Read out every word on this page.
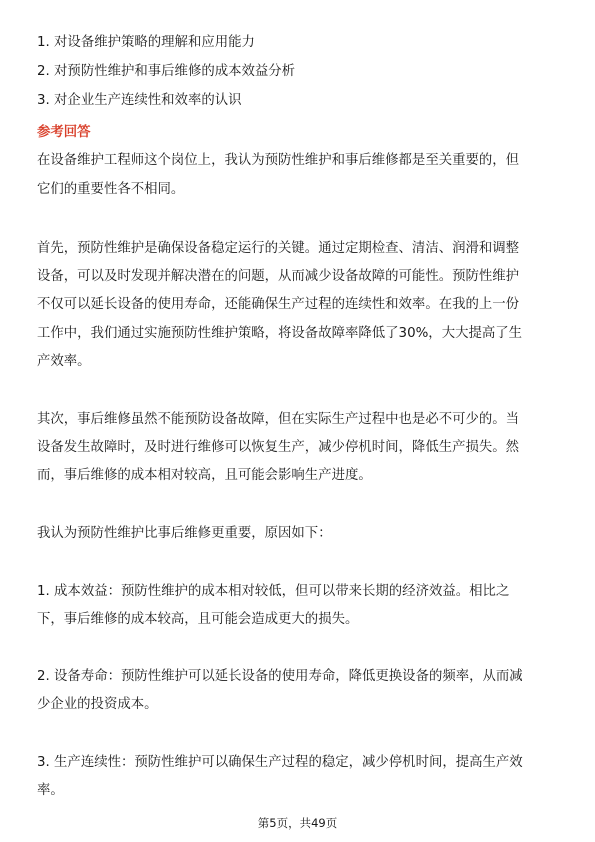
1. 对设备维护策略的理解和应用能力
2. 对预防性维护和事后维修的成本效益分析
3. 对企业生产连续性和效率的认识
参考回答
在设备维护工程师这个岗位上，我认为预防性维护和事后维修都是至关重要的，但
它们的重要性各不相同。
首先，预防性维护是确保设备稳定运行的关键。通过定期检查、清洁、润滑和调整
设备，可以及时发现并解决潜在的问题，从而减少设备故障的可能性。预防性维护
不仅可以延长设备的使用寿命，还能确保生产过程的连续性和效率。在我的上一份
工作中，我们通过实施预防性维护策略，将设备故障率降低了30%，大大提高了生
产效率。
其次，事后维修虽然不能预防设备故障，但在实际生产过程中也是必不可少的。当
设备发生故障时，及时进行维修可以恢复生产，减少停机时间，降低生产损失。然
而，事后维修的成本相对较高，且可能会影响生产进度。
我认为预防性维护比事后维修更重要，原因如下：
1. 成本效益：预防性维护的成本相对较低，但可以带来长期的经济效益。相比之
下，事后维修的成本较高，且可能会造成更大的损失。
2. 设备寿命：预防性维护可以延长设备的使用寿命，降低更换设备的频率，从而减
少企业的投资成本。
3. 生产连续性：预防性维护可以确保生产过程的稳定，减少停机时间，提高生产效
率。
第5页，共49页
